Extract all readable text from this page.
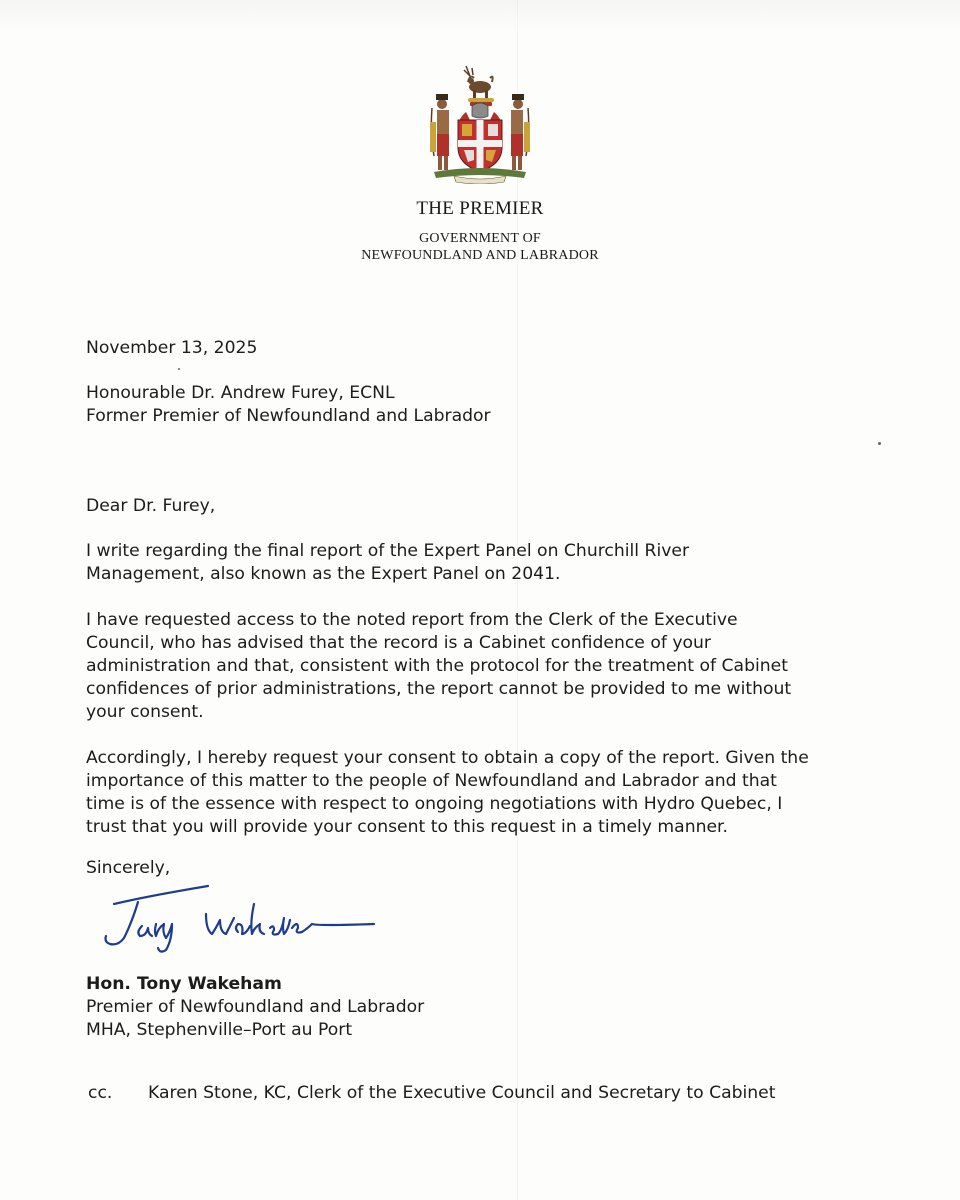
THE PREMIER
GOVERNMENT OF
NEWFOUNDLAND AND LABRADOR

November 13, 2025

Honourable Dr. Andrew Furey, ECNL

Former Premier of Newfoundland and Labrador

Dear Dr. Furey,

I write regarding the final report of the Expert Panel on Churchill River
Management, also known as the Expert Panel on 2041.
I have requested access to the noted report from the Clerk of the Executive
Council, who has advised that the record is a Cabinet confidence of your
administration and that, consistent with the protocol for the treatment of Cabinet
confidences of prior administrations, the report cannot be provided to me without
your consent.
Accordingly, I hereby request your consent to obtain a copy of the report. Given the
importance of this matter to the people of Newfoundland and Labrador and that
time is of the essence with respect to ongoing negotiations with Hydro Quebec, I
trust that you will provide your consent to this request in a timely manner.

Sincerely,

Hon. Tony Wakeham

Premier of Newfoundland and Labrador

MHA, Stephenville–Port au Port

cc. Karen Stone, KC, Clerk of the Executive Council and Secretary to Cabinet
